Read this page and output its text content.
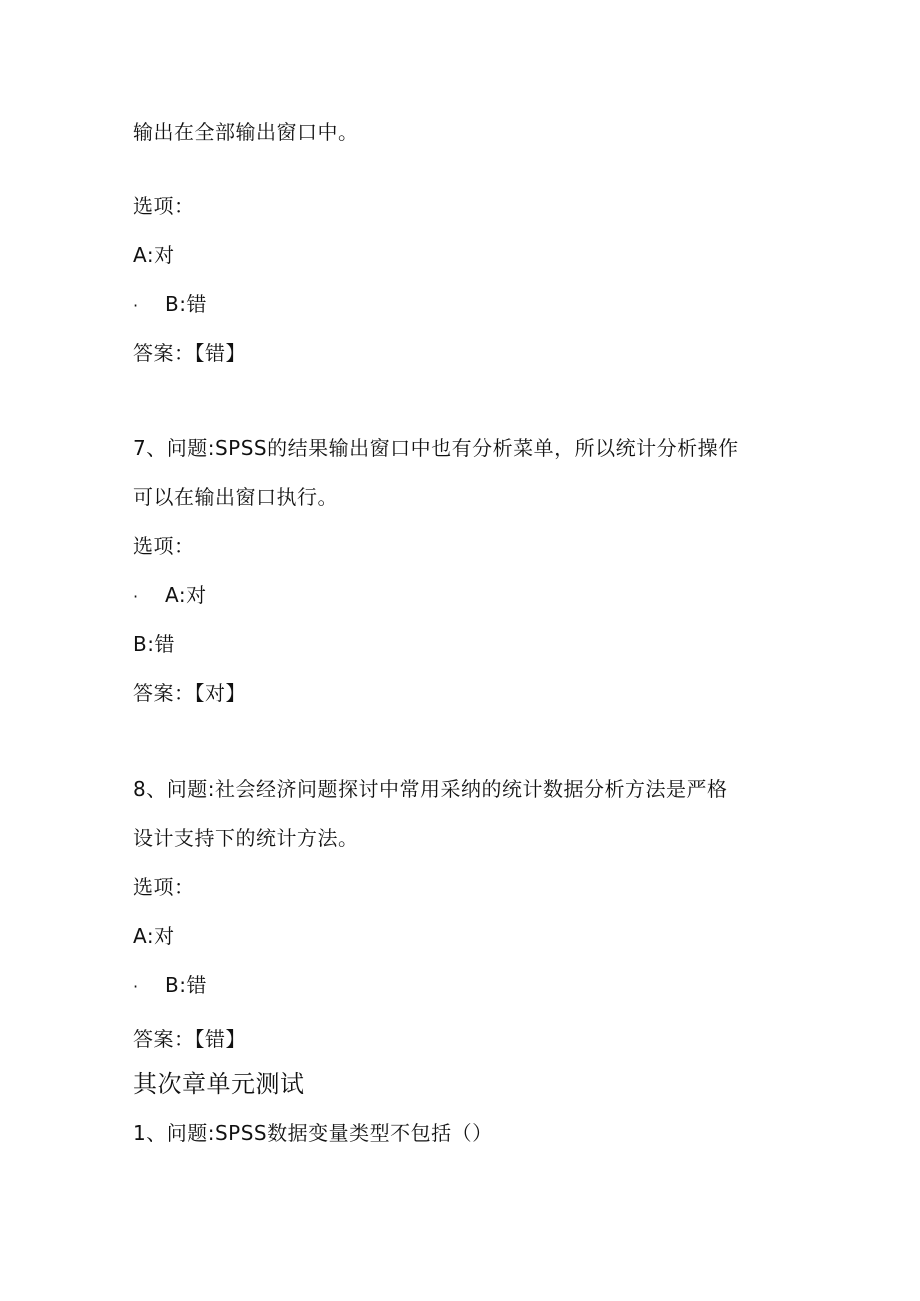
输出在全部输出窗口中。
选项：
A:对
· B:错
答案：【错】
7、问题:SPSS的结果输出窗口中也有分析菜单，所以统计分析操作
可以在输出窗口执行。
选项：
· A:对
B:错
答案：【对】
8、问题:社会经济问题探讨中常用采纳的统计数据分析方法是严格
设计支持下的统计方法。
选项：
A:对
· B:错
答案：【错】
其次章单元测试
1、问题:SPSS数据变量类型不包括（）
